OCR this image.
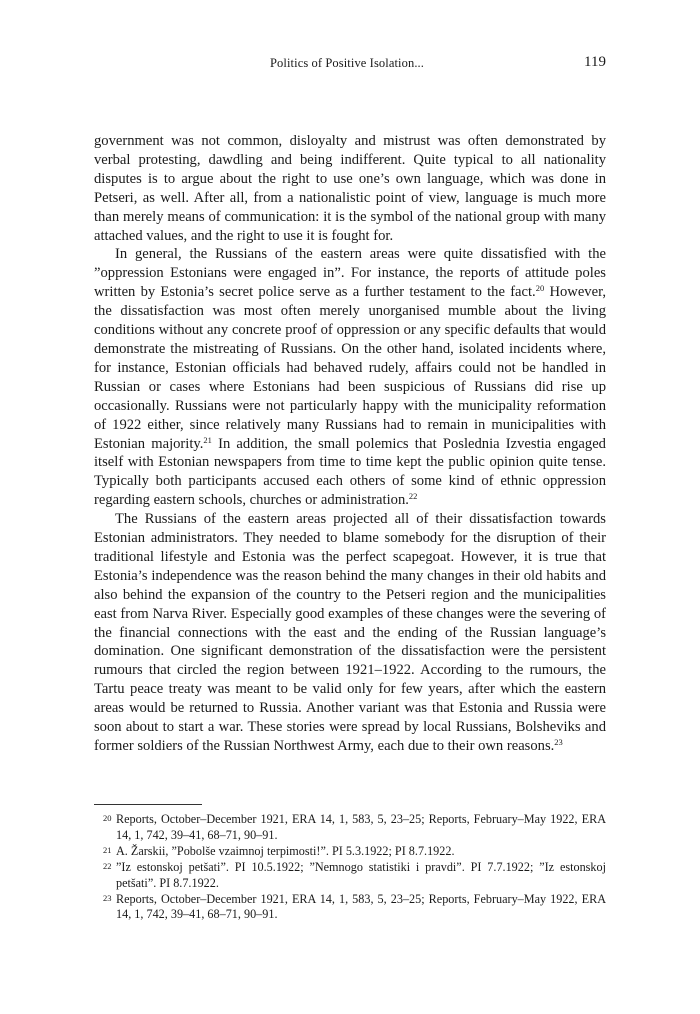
Politics of Positive Isolation...	119

government was not common, disloyalty and mistrust was often demonstrated by verbal protesting, dawdling and being indifferent. Quite typical to all nationality disputes is to argue about the right to use one’s own language, which was done in Petseri, as well. After all, from a nationalistic point of view, language is much more than merely means of communication: it is the symbol of the national group with many attached values, and the right to use it is fought for.

In general, the Russians of the eastern areas were quite dissatisfied with the ”oppression Estonians were engaged in”. For instance, the reports of attitude poles written by Estonia’s secret police serve as a further testament to the fact.$^{20}$ However, the dissatisfaction was most often merely unorganised mumble about the living conditions without any concrete proof of oppression or any specific defaults that would demonstrate the mistreating of Russians. On the other hand, isolated incidents where, for instance, Estonian officials had behaved rudely, affairs could not be handled in Russian or cases where Estonians had been suspicious of Russians did rise up occasionally. Russians were not particularly happy with the municipality reformation of 1922 either, since relatively many Russians had to remain in municipalities with Estonian majority.$^{21}$ In addition, the small polemics that Poslednia Izvestia engaged itself with Estonian newspapers from time to time kept the public opinion quite tense. Typically both participants accused each others of some kind of ethnic oppression regarding eastern schools, churches or administration.$^{22}$

The Russians of the eastern areas projected all of their dissatisfaction towards Estonian administrators. They needed to blame somebody for the disruption of their traditional lifestyle and Estonia was the perfect scapegoat. However, it is true that Estonia’s independence was the reason behind the many changes in their old habits and also behind the expansion of the country to the Petseri region and the municipalities east from Narva River. Especially good examples of these changes were the severing of the financial connections with the east and the ending of the Russian language’s domination. One significant demonstration of the dissatisfaction were the persistent rumours that circled the region between 1921–1922. According to the rumours, the Tartu peace treaty was meant to be valid only for few years, after which the eastern areas would be returned to Russia. Another variant was that Estonia and Russia were soon about to start a war. These stories were spread by local Russians, Bolsheviks and former soldiers of the Russian Northwest Army, each due to their own reasons.$^{23}$

20 Reports, October–December 1921, ERA 14, 1, 583, 5, 23–25; Reports, February–May 1922, ERA 14, 1, 742, 39–41, 68–71, 90–91.
21 A. Žarskii, ”Pobolše vzaimnoj terpimosti!”. PI 5.3.1922; PI 8.7.1922.
22 ”Iz estonskoj petšati”. PI 10.5.1922; ”Nemnogo statistiki i pravdi”. PI 7.7.1922; ”Iz estonskoj petšati”. PI 8.7.1922.
23 Reports, October–December 1921, ERA 14, 1, 583, 5, 23–25; Reports, February–May 1922, ERA 14, 1, 742, 39–41, 68–71, 90–91.
